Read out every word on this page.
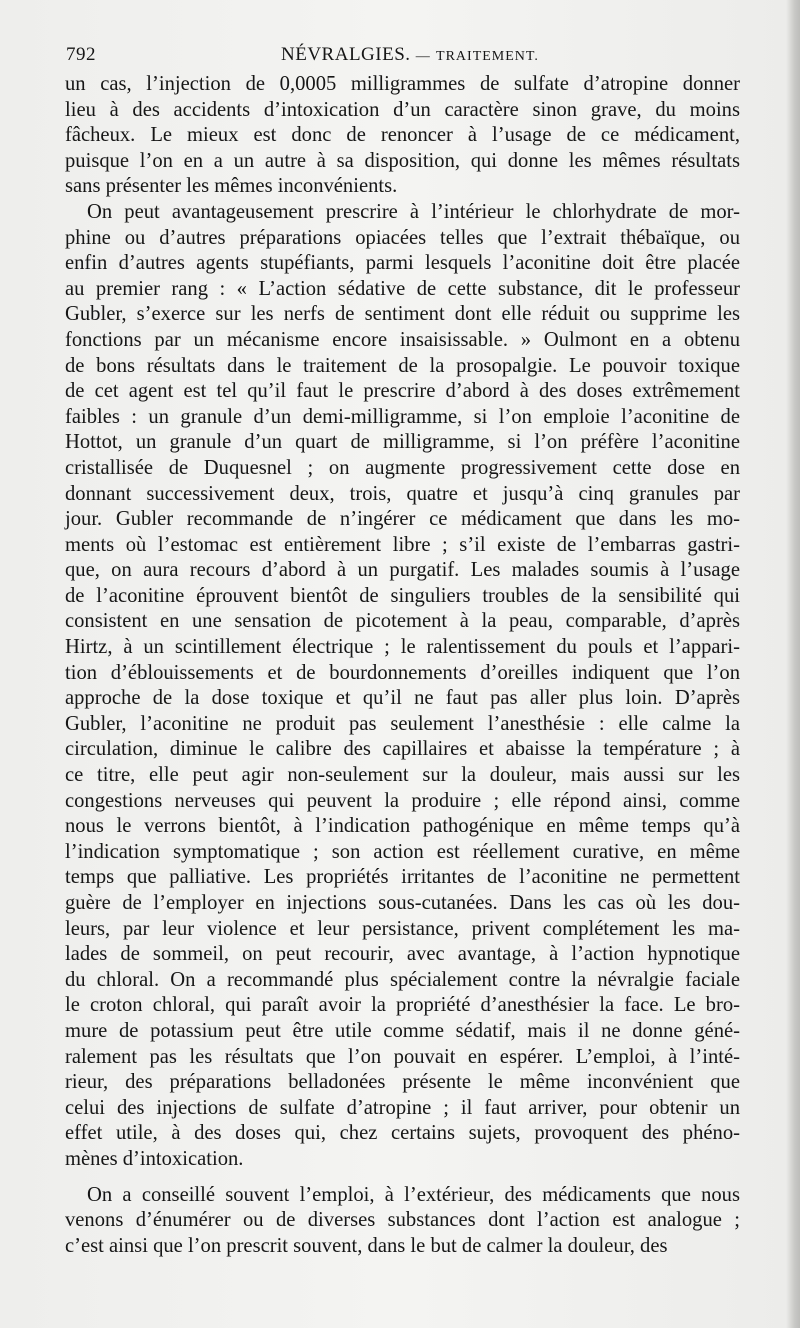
792	NÉVRALGIES. — TRAITEMENT.

un cas, l’injection de 0,0005 milligrammes de sulfate d’atropine donner
lieu à des accidents d’intoxication d’un caractère sinon grave, du moins
fâcheux. Le mieux est donc de renoncer à l’usage de ce médicament,
puisque l’on en a un autre à sa disposition, qui donne les mêmes résultats
sans présenter les mêmes inconvénients.

On peut avantageusement prescrire à l’intérieur le chlorhydrate de mor-
phine ou d’autres préparations opiacées telles que l’extrait thébaïque, ou
enfin d’autres agents stupéfiants, parmi lesquels l’aconitine doit être placée
au premier rang : « L’action sédative de cette substance, dit le professeur
Gubler, s’exerce sur les nerfs de sentiment dont elle réduit ou supprime les
fonctions par un mécanisme encore insaisissable. » Oulmont en a obtenu
de bons résultats dans le traitement de la prosopalgie. Le pouvoir toxique
de cet agent est tel qu’il faut le prescrire d’abord à des doses extrêmement
faibles : un granule d’un demi-milligramme, si l’on emploie l’aconitine de
Hottot, un granule d’un quart de milligramme, si l’on préfère l’aconitine
cristallisée de Duquesnel ; on augmente progressivement cette dose en
donnant successivement deux, trois, quatre et jusqu’à cinq granules par
jour. Gubler recommande de n’ingérer ce médicament que dans les mo-
ments où l’estomac est entièrement libre ; s’il existe de l’embarras gastri-
que, on aura recours d’abord à un purgatif. Les malades soumis à l’usage
de l’aconitine éprouvent bientôt de singuliers troubles de la sensibilité qui
consistent en une sensation de picotement à la peau, comparable, d’après
Hirtz, à un scintillement électrique ; le ralentissement du pouls et l’appari-
tion d’éblouissements et de bourdonnements d’oreilles indiquent que l’on
approche de la dose toxique et qu’il ne faut pas aller plus loin. D’après
Gubler, l’aconitine ne produit pas seulement l’anesthésie : elle calme la
circulation, diminue le calibre des capillaires et abaisse la température ; à
ce titre, elle peut agir non-seulement sur la douleur, mais aussi sur les
congestions nerveuses qui peuvent la produire ; elle répond ainsi, comme
nous le verrons bientôt, à l’indication pathogénique en même temps qu’à
l’indication symptomatique ; son action est réellement curative, en même
temps que palliative. Les propriétés irritantes de l’aconitine ne permettent
guère de l’employer en injections sous-cutanées. Dans les cas où les dou-
leurs, par leur violence et leur persistance, privent complétement les ma-
lades de sommeil, on peut recourir, avec avantage, à l’action hypnotique
du chloral. On a recommandé plus spécialement contre la névralgie faciale
le croton chloral, qui paraît avoir la propriété d’anesthésier la face. Le bro-
mure de potassium peut être utile comme sédatif, mais il ne donne géné-
ralement pas les résultats que l’on pouvait en espérer. L’emploi, à l’inté-
rieur, des préparations belladonées présente le même inconvénient que
celui des injections de sulfate d’atropine ; il faut arriver, pour obtenir un
effet utile, à des doses qui, chez certains sujets, provoquent des phéno-
mènes d’intoxication.

On a conseillé souvent l’emploi, à l’extérieur, des médicaments que nous
venons d’énumérer ou de diverses substances dont l’action est analogue ;
c’est ainsi que l’on prescrit souvent, dans le but de calmer la douleur, des
